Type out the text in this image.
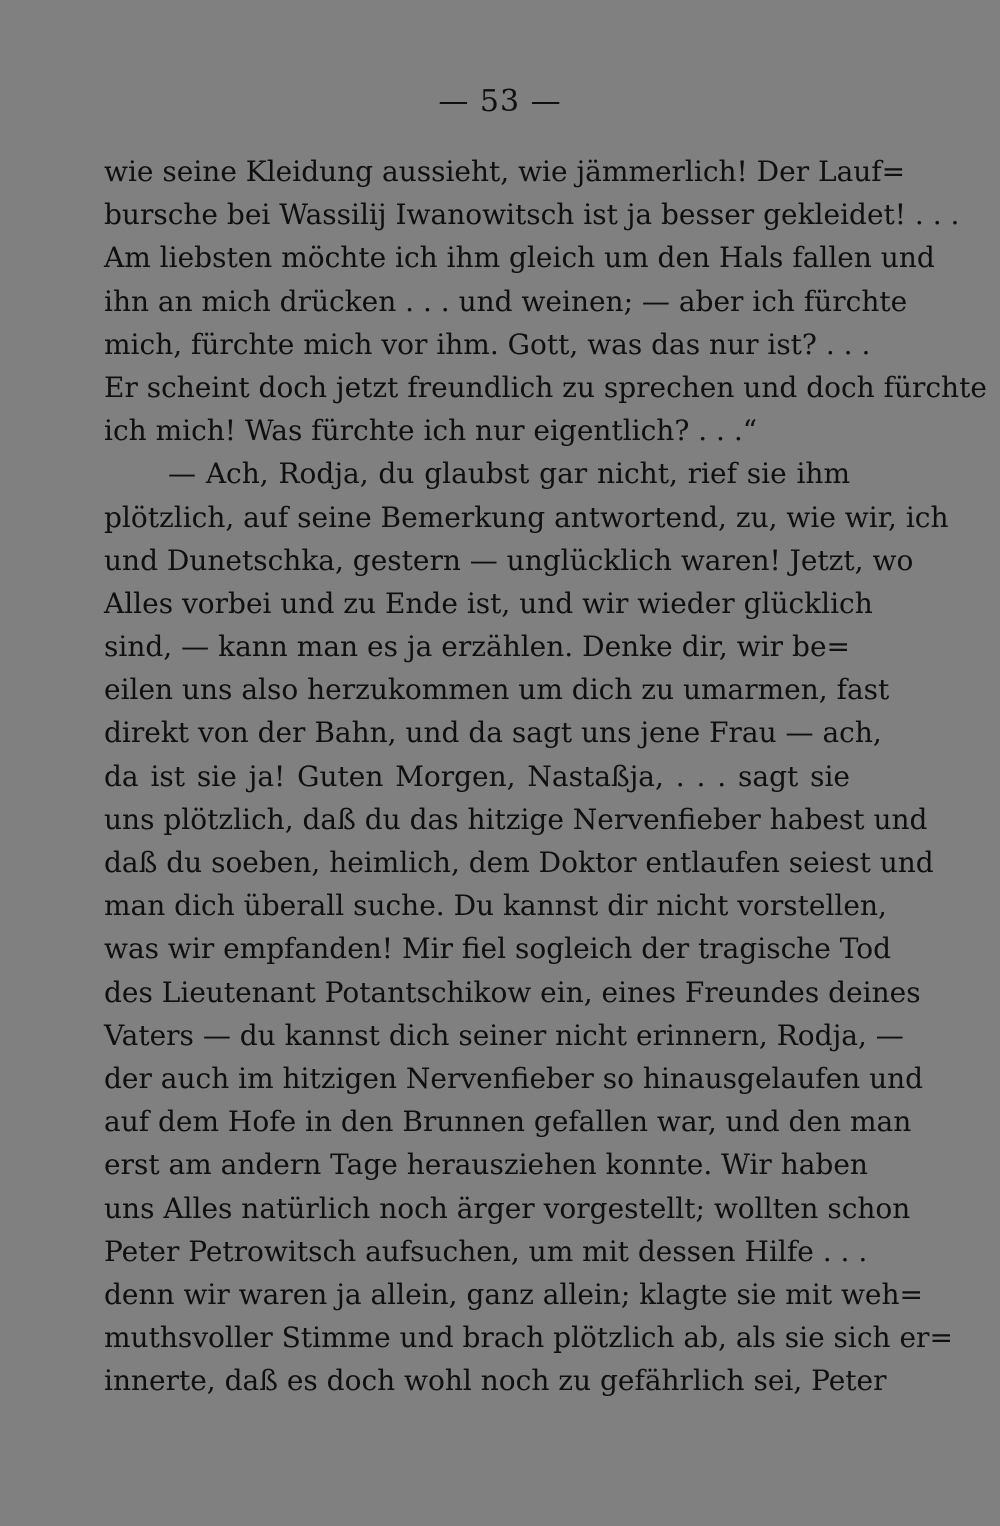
— 53 —
wie seine Kleidung aussieht, wie jämmerlich! Der Lauf=
bursche bei Wassilij Iwanowitsch ist ja besser gekleidet! . . .
Am liebsten möchte ich ihm gleich um den Hals fallen und
ihn an mich drücken . . . und weinen; — aber ich fürchte
mich, fürchte mich vor ihm. Gott, was das nur ist? . . .
Er scheint doch jetzt freundlich zu sprechen und doch fürchte
ich mich! Was fürchte ich nur eigentlich? . . .“
— Ach, Rodja, du glaubst gar nicht, rief sie ihm
plötzlich, auf seine Bemerkung antwortend, zu, wie wir, ich
und Dunetschka, gestern — unglücklich waren! Jetzt, wo
Alles vorbei und zu Ende ist, und wir wieder glücklich
sind, — kann man es ja erzählen. Denke dir, wir be=
eilen uns also herzukommen um dich zu umarmen, fast
direkt von der Bahn, und da sagt uns jene Frau — ach,
da ist sie ja! Guten Morgen, Nastaßja, . . . sagt sie
uns plötzlich, daß du das hitzige Nervenfieber habest und
daß du soeben, heimlich, dem Doktor entlaufen seiest und
man dich überall suche. Du kannst dir nicht vorstellen,
was wir empfanden! Mir fiel sogleich der tragische Tod
des Lieutenant Potantschikow ein, eines Freundes deines
Vaters — du kannst dich seiner nicht erinnern, Rodja, —
der auch im hitzigen Nervenfieber so hinausgelaufen und
auf dem Hofe in den Brunnen gefallen war, und den man
erst am andern Tage herausziehen konnte. Wir haben
uns Alles natürlich noch ärger vorgestellt; wollten schon
Peter Petrowitsch aufsuchen, um mit dessen Hilfe . . .
denn wir waren ja allein, ganz allein; klagte sie mit weh=
muthsvoller Stimme und brach plötzlich ab, als sie sich er=
innerte, daß es doch wohl noch zu gefährlich sei, Peter
